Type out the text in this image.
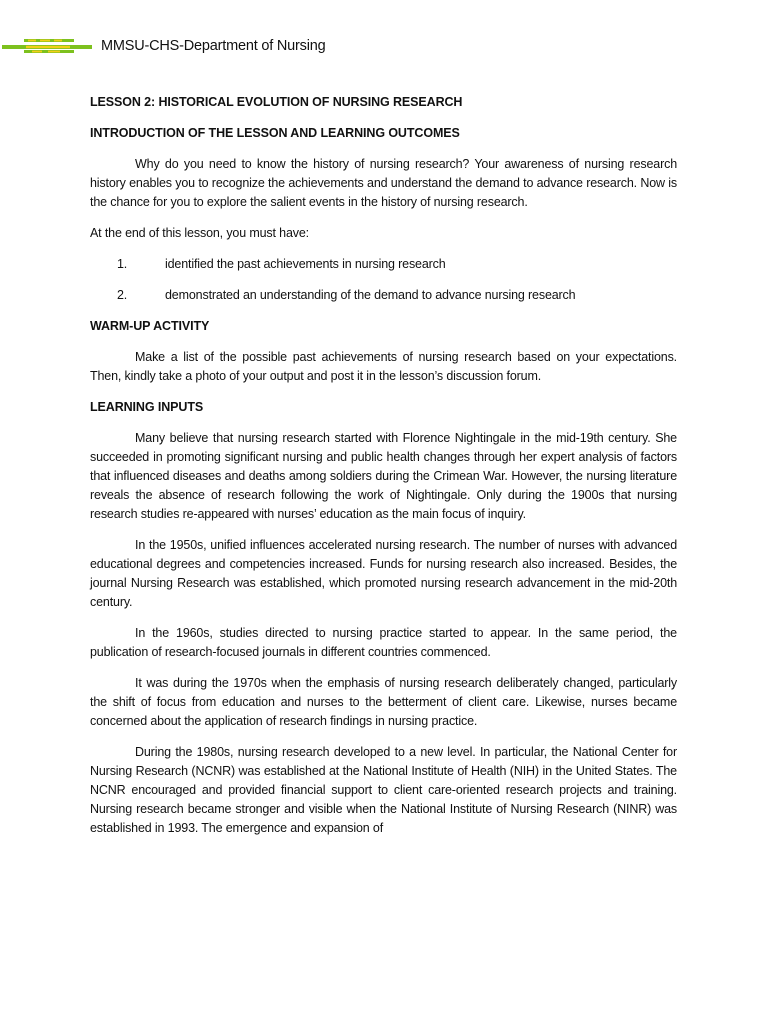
MMSU-CHS-Department of Nursing
LESSON 2: HISTORICAL EVOLUTION OF NURSING RESEARCH
INTRODUCTION OF THE LESSON AND LEARNING OUTCOMES

Why do you need to know the history of nursing research? Your awareness of nursing research history enables you to recognize the achievements and understand the demand to advance research. Now is the chance for you to explore the salient events in the history of nursing research.

At the end of this lesson, you must have:

1.	identified the past achievements in nursing research
2.	demonstrated an understanding of the demand to advance nursing research
WARM-UP ACTIVITY

Make a list of the possible past achievements of nursing research based on your expectations. Then, kindly take a photo of your output and post it in the lesson’s discussion forum.

LEARNING INPUTS

Many believe that nursing research started with Florence Nightingale in the mid-19th century. She succeeded in promoting significant nursing and public health changes through her expert analysis of factors that influenced diseases and deaths among soldiers during the Crimean War. However, the nursing literature reveals the absence of research following the work of Nightingale. Only during the 1900s that nursing research studies re-appeared with nurses’ education as the main focus of inquiry.

In the 1950s, unified influences accelerated nursing research. The number of nurses with advanced educational degrees and competencies increased. Funds for nursing research also increased. Besides, the journal Nursing Research was established, which promoted nursing research advancement in the mid-20th century.

In the 1960s, studies directed to nursing practice started to appear. In the same period, the publication of research-focused journals in different countries commenced.

It was during the 1970s when the emphasis of nursing research deliberately changed, particularly the shift of focus from education and nurses to the betterment of client care. Likewise, nurses became concerned about the application of research findings in nursing practice.

During the 1980s, nursing research developed to a new level. In particular, the National Center for Nursing Research (NCNR) was established at the National Institute of Health (NIH) in the United States. The NCNR encouraged and provided financial support to client care-oriented research projects and training. Nursing research became stronger and visible when the National Institute of Nursing Research (NINR) was established in 1993. The emergence and expansion of
